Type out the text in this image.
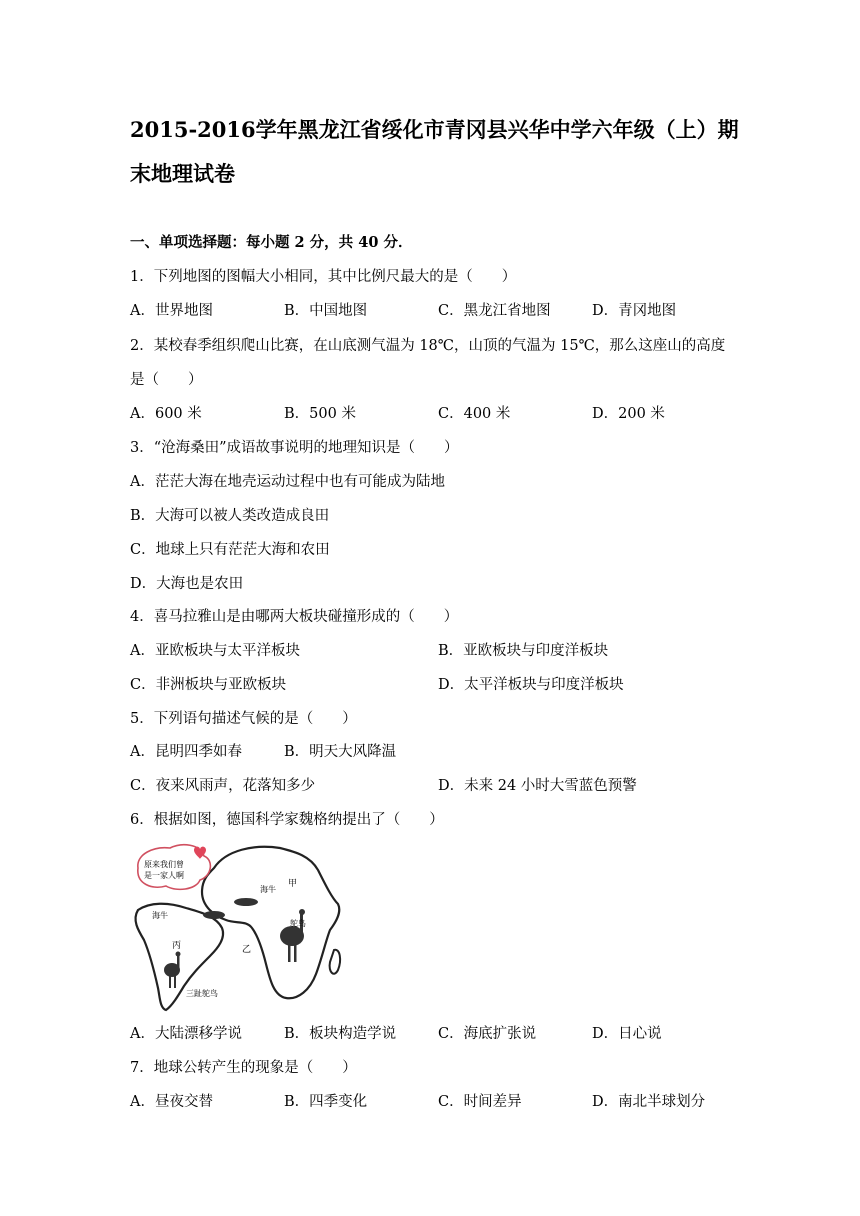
2015-2016学年黑龙江省绥化市青冈县兴华中学六年级（上）期末地理试卷
一、单项选择题：每小题 2 分，共 40 分．
1．下列地图的图幅大小相同，其中比例尺最大的是（　　）
A．世界地图	B．中国地图	C．黑龙江省地图	D．青冈地图
2．某校春季组织爬山比赛，在山底测气温为 18℃，山顶的气温为 15℃，那么这座山的高度
是（　　）
A．600 米	B．500 米	C．400 米	D．200 米
3．“沧海桑田”成语故事说明的地理知识是（　　）
A．茫茫大海在地壳运动过程中也有可能成为陆地
B．大海可以被人类改造成良田
C．地球上只有茫茫大海和农田
D．大海也是农田
4．喜马拉雅山是由哪两大板块碰撞形成的（　　）
A．亚欧板块与太平洋板块	B．亚欧板块与印度洋板块
C．非洲板块与亚欧板块	D．太平洋板块与印度洋板块
5．下列语句描述气候的是（　　）
A．昆明四季如春	B．明天大风降温
C．夜来风雨声，花落知多少	D．未来 24 小时大雪蓝色预警
6．根据如图，德国科学家魏格纳提出了（　　）
原来我们曾
是一家人啊
甲
乙
丙
海牛
海牛
鸵鸟
三趾鸵鸟
A．大陆漂移学说	B．板块构造学说	C．海底扩张说	D．日心说
7．地球公转产生的现象是（　　）
A．昼夜交替	B．四季变化	C．时间差异	D．南北半球划分
